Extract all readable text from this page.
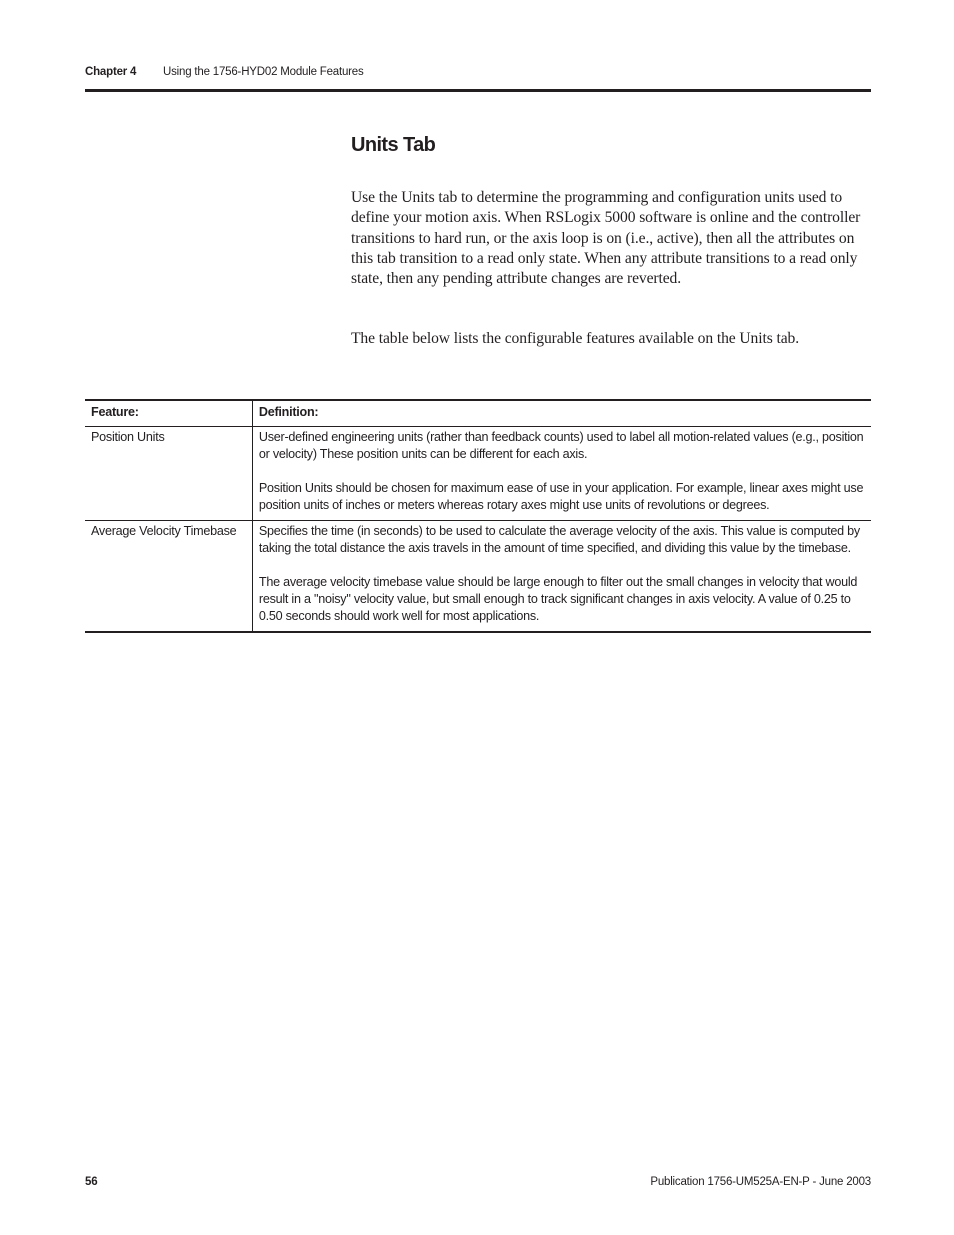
Chapter 4 Using the 1756-HYD02 Module Features
Units Tab

Use the Units tab to determine the programming and configuration units used to define your motion axis. When RSLogix 5000 software is online and the controller transitions to hard run, or the axis loop is on (i.e., active), then all the attributes on this tab transition to a read only state. When any attribute transitions to a read only state, then any pending attribute changes are reverted.

The table below lists the configurable features available on the Units tab.

Feature:	Definition:
Position Units	User-defined engineering units (rather than feedback counts) used to label all motion-related values (e.g., position or velocity) These position units can be different for each axis.

Position Units should be chosen for maximum ease of use in your application. For example, linear axes might use position units of inches or meters whereas rotary axes might use units of revolutions or degrees.

Average Velocity Timebase	Specifies the time (in seconds) to be used to calculate the average velocity of the axis. This value is computed by taking the total distance the axis travels in the amount of time specified, and dividing this value by the timebase.

The average velocity timebase value should be large enough to filter out the small changes in velocity that would result in a "noisy" velocity value, but small enough to track significant changes in axis velocity. A value of 0.25 to 0.50 seconds should work well for most applications.

56	Publication 1756-UM525A-EN-P - June 2003
